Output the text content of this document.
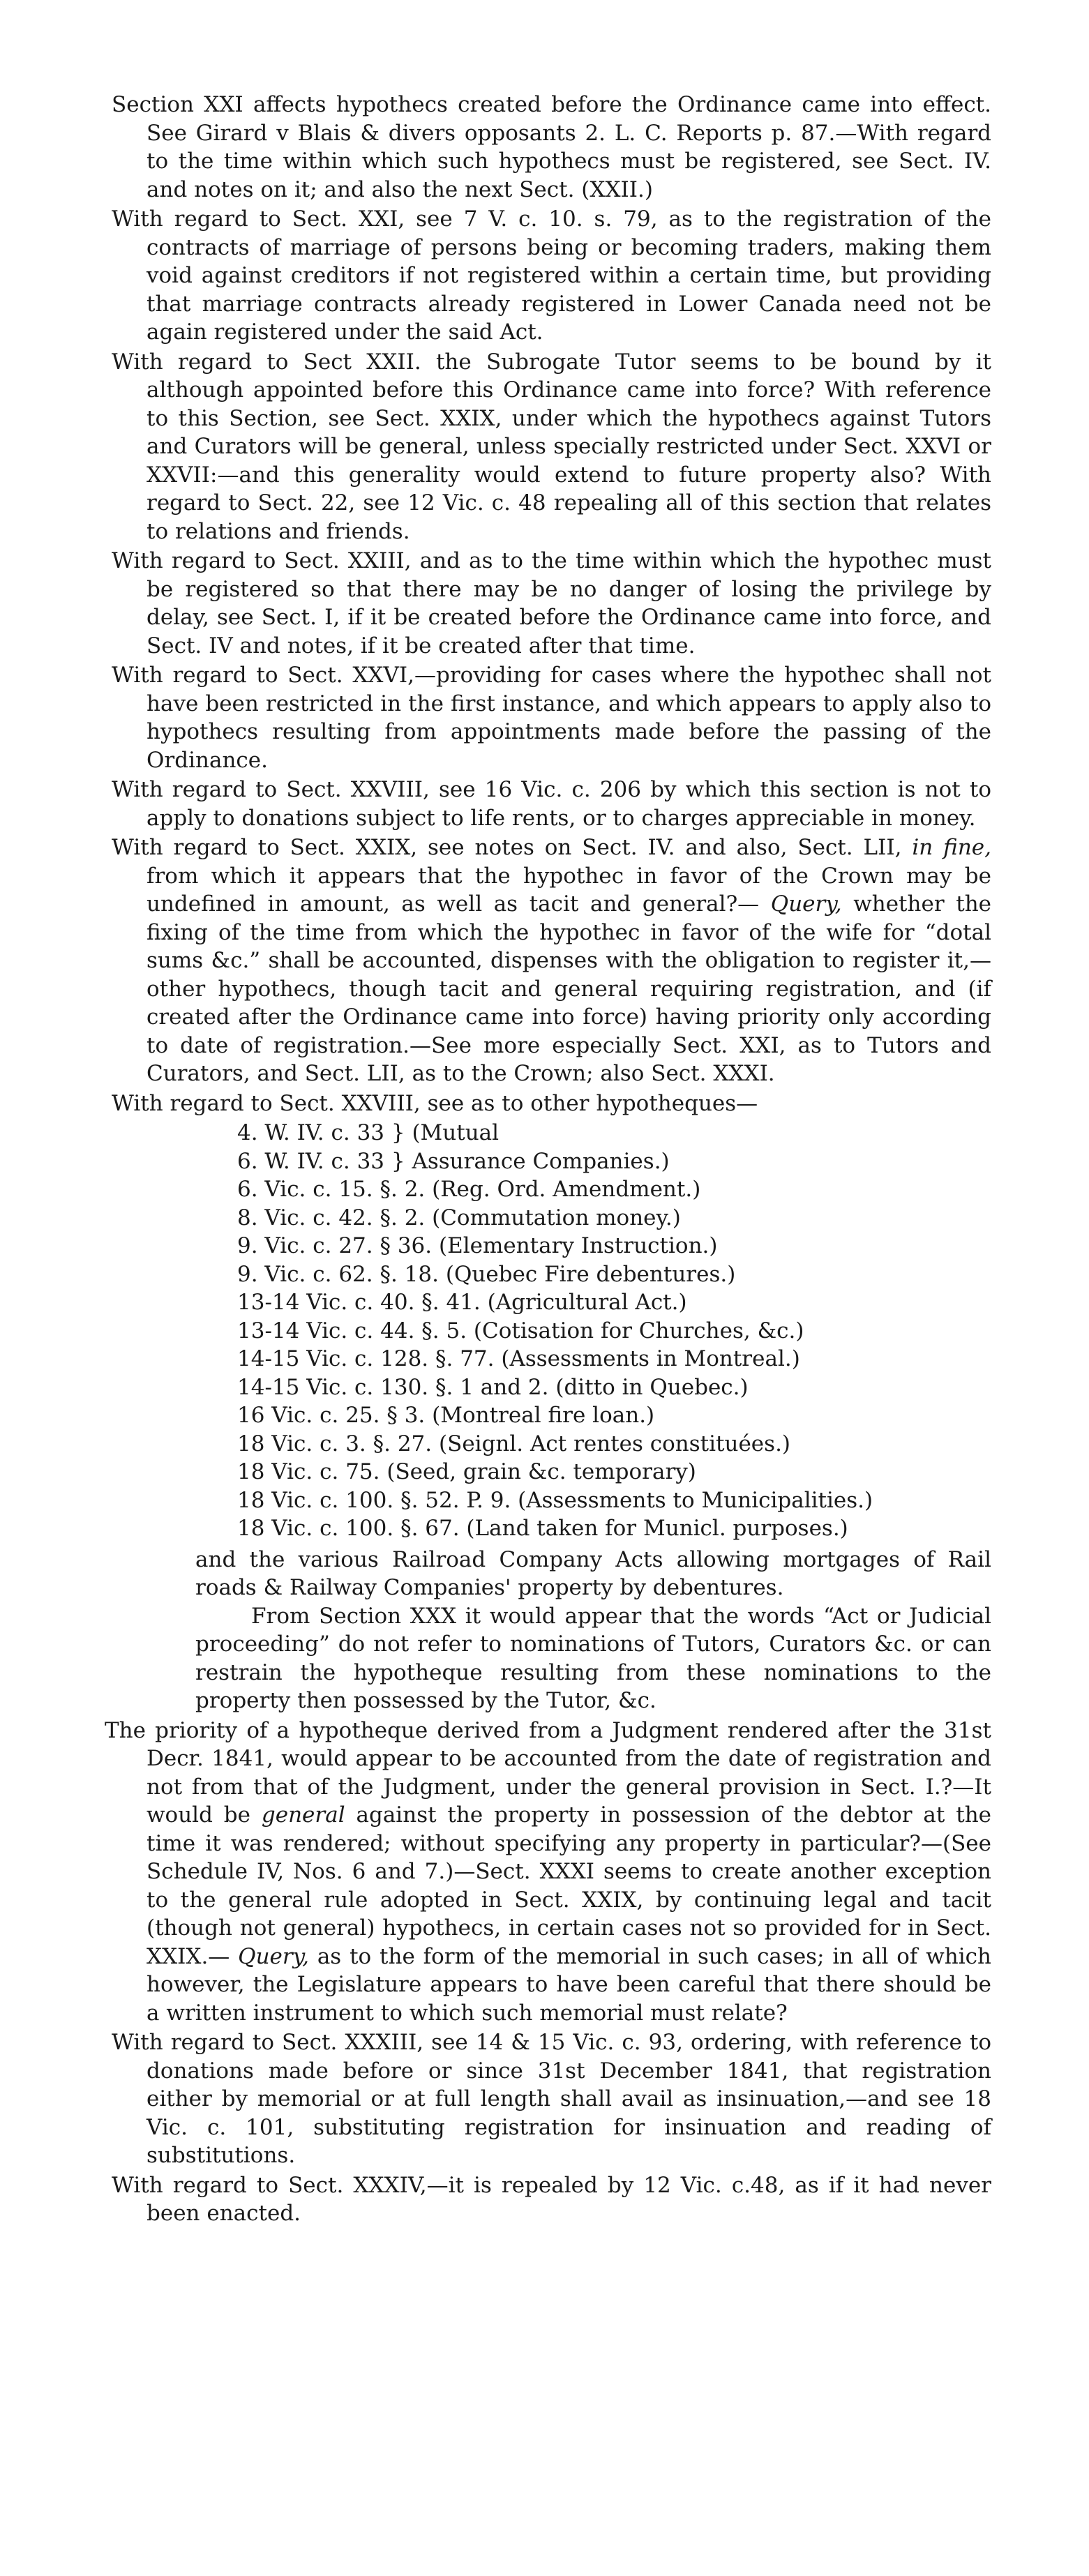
Section XXI affects hypothecs created before the Ordinance came into effect. See Girard v Blais & divers opposants 2. L. C. Reports p. 87.—With regard to the time within which such hypothecs must be registered, see Sect. IV. and notes on it; and also the next Sect. (XXII.)

With regard to Sect. XXI, see 7 V. c. 10. s. 79, as to the registration of the contracts of marriage of persons being or becoming traders, making them void against creditors if not registered within a certain time, but providing that marriage contracts already registered in Lower Canada need not be again registered under the said Act.

With regard to Sect XXII. the Subrogate Tutor seems to be bound by it although appointed before this Ordinance came into force? With reference to this Section, see Sect. XXIX, under which the hypothecs against Tutors and Curators will be general, unless specially restricted under Sect. XXVI or XXVII:—and this generality would extend to future property also? With regard to Sect. 22, see 12 Vic. c. 48 repealing all of this section that relates to relations and friends.

With regard to Sect. XXIII, and as to the time within which the hypothec must be registered so that there may be no danger of losing the privilege by delay, see Sect. I, if it be created before the Ordinance came into force, and Sect. IV and notes, if it be created after that time.

With regard to Sect. XXVI,—providing for cases where the hypothec shall not have been restricted in the first instance, and which appears to apply also to hypothecs resulting from appointments made before the passing of the Ordinance.

With regard to Sect. XXVIII, see 16 Vic. c. 206 by which this section is not to apply to donations subject to life rents, or to charges appreciable in money.

With regard to Sect. XXIX, see notes on Sect. IV. and also, Sect. LII, in fine, from which it appears that the hypothec in favor of the Crown may be undefined in amount, as well as tacit and general?— Query, whether the fixing of the time from which the hypothec in favor of the wife for “dotal sums &c.” shall be accounted, dispenses with the obligation to register it,—other hypothecs, though tacit and general requiring registration, and (if created after the Ordinance came into force) having priority only according to date of registration.—See more especially Sect. XXI, as to Tutors and Curators, and Sect. LII, as to the Crown; also Sect. XXXI.

With regard to Sect. XXVIII, see as to other hypotheques—

4. W. IV. c. 33 } (Mutual
6. W. IV. c. 33 } Assurance Companies.)
6. Vic. c. 15. §. 2. (Reg. Ord. Amendment.)
8. Vic. c. 42. §. 2. (Commutation money.)
9. Vic. c. 27. § 36. (Elementary Instruction.)
9. Vic. c. 62. §. 18. (Quebec Fire debentures.)
13-14 Vic. c. 40. §. 41. (Agricultural Act.)
13-14 Vic. c. 44. §. 5. (Cotisation for Churches, &c.)
14-15 Vic. c. 128. §. 77. (Assessments in Montreal.)
14-15 Vic. c. 130. §. 1 and 2. (ditto in Quebec.)
16 Vic. c. 25. § 3. (Montreal fire loan.)
18 Vic. c. 3. §. 27. (Seignl. Act rentes constituées.)
18 Vic. c. 75. (Seed, grain &c. temporary)
18 Vic. c. 100. §. 52. P. 9. (Assessments to Municipalities.)
18 Vic. c. 100. §. 67. (Land taken for Municl. purposes.)

and the various Railroad Company Acts allowing mortgages of Rail roads & Railway Companies' property by debentures.

From Section XXX it would appear that the words “Act or Judicial proceeding” do not refer to nominations of Tutors, Curators &c. or can restrain the hypotheque resulting from these nominations to the property then possessed by the Tutor, &c.

The priority of a hypotheque derived from a Judgment rendered after the 31st Decr. 1841, would appear to be accounted from the date of registration and not from that of the Judgment, under the general provision in Sect. I.?—It would be general against the property in possession of the debtor at the time it was rendered; without specifying any property in particular?—(See Schedule IV, Nos. 6 and 7.)—Sect. XXXI seems to create another exception to the general rule adopted in Sect. XXIX, by continuing legal and tacit (though not general) hypothecs, in certain cases not so provided for in Sect. XXIX.— Query, as to the form of the memorial in such cases; in all of which however, the Legislature appears to have been careful that there should be a written instrument to which such memorial must relate?

With regard to Sect. XXXIII, see 14 & 15 Vic. c. 93, ordering, with reference to donations made before or since 31st December 1841, that registration either by memorial or at full length shall avail as insinuation,—and see 18 Vic. c. 101, substituting registration for insinuation and reading of substitutions.

With regard to Sect. XXXIV,—it is repealed by 12 Vic. c.48, as if it had never been enacted.
